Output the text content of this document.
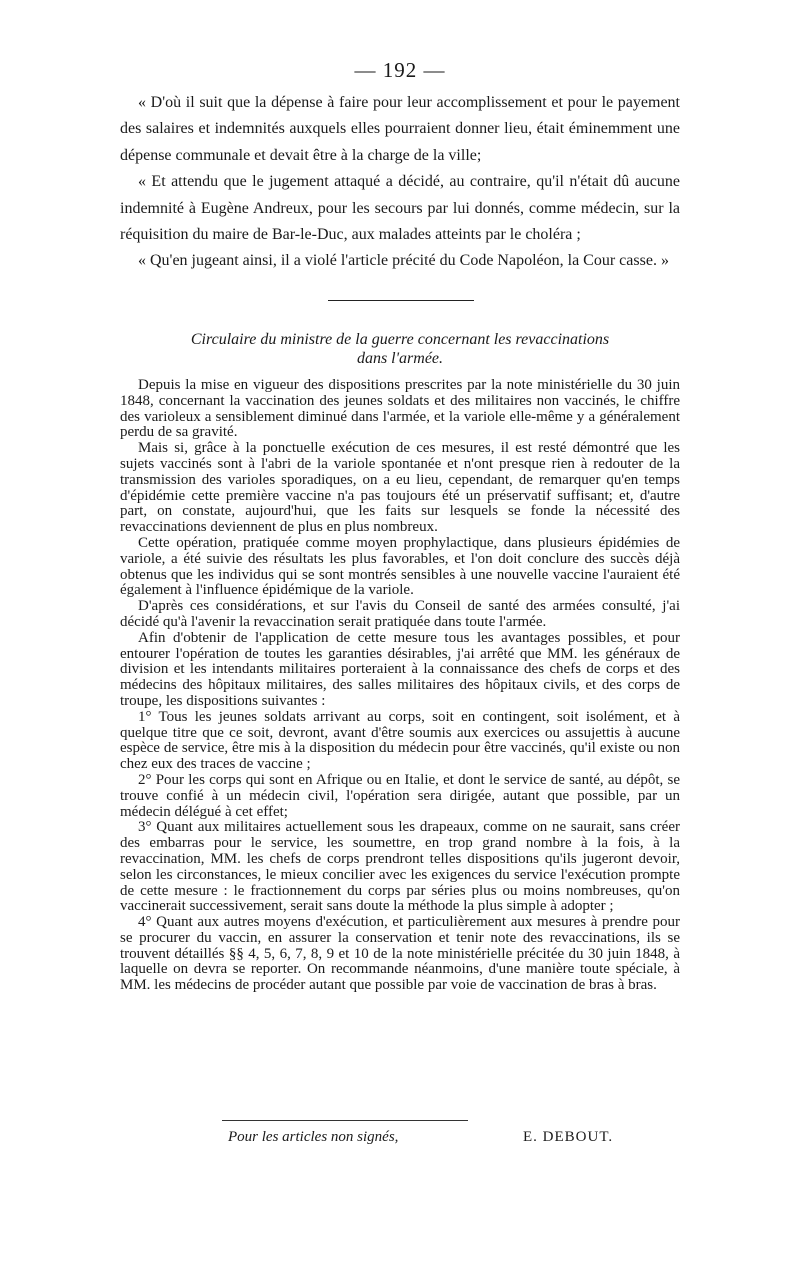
— 192 —

« D'où il suit que la dépense à faire pour leur accomplissement et pour le payement des salaires et indemnités auxquels elles pourraient donner lieu, était éminemment une dépense communale et devait être à la charge de la ville;

« Et attendu que le jugement attaqué a décidé, au contraire, qu'il n'était dû aucune indemnité à Eugène Andreux, pour les secours par lui donnés, comme médecin, sur la réquisition du maire de Bar-le-Duc, aux malades atteints par le choléra ;

« Qu'en jugeant ainsi, il a violé l'article précité du Code Napoléon, la Cour casse. »

Circulaire du ministre de la guerre concernant les revaccinations
dans l'armée.

Depuis la mise en vigueur des dispositions prescrites par la note ministérielle du 30 juin 1848, concernant la vaccination des jeunes soldats et des militaires non vaccinés, le chiffre des varioleux a sensiblement diminué dans l'armée, et la variole elle-même y a généralement perdu de sa gravité.

Mais si, grâce à la ponctuelle exécution de ces mesures, il est resté démontré que les sujets vaccinés sont à l'abri de la variole spontanée et n'ont presque rien à redouter de la transmission des varioles sporadiques, on a eu lieu, cependant, de remarquer qu'en temps d'épidémie cette première vaccine n'a pas toujours été un préservatif suffisant; et, d'autre part, on constate, aujourd'hui, que les faits sur lesquels se fonde la nécessité des revaccinations deviennent de plus en plus nombreux.

Cette opération, pratiquée comme moyen prophylactique, dans plusieurs épidémies de variole, a été suivie des résultats les plus favorables, et l'on doit conclure des succès déjà obtenus que les individus qui se sont montrés sensibles à une nouvelle vaccine l'auraient été également à l'influence épidémique de la variole.

D'après ces considérations, et sur l'avis du Conseil de santé des armées consulté, j'ai décidé qu'à l'avenir la revaccination serait pratiquée dans toute l'armée.

Afin d'obtenir de l'application de cette mesure tous les avantages possibles, et pour entourer l'opération de toutes les garanties désirables, j'ai arrêté que MM. les généraux de division et les intendants militaires porteraient à la connaissance des chefs de corps et des médecins des hôpitaux militaires, des salles militaires des hôpitaux civils, et des corps de troupe, les dispositions suivantes :

1° Tous les jeunes soldats arrivant au corps, soit en contingent, soit isolément, et à quelque titre que ce soit, devront, avant d'être soumis aux exercices ou assujettis à aucune espèce de service, être mis à la disposition du médecin pour être vaccinés, qu'il existe ou non chez eux des traces de vaccine ;

2° Pour les corps qui sont en Afrique ou en Italie, et dont le service de santé, au dépôt, se trouve confié à un médecin civil, l'opération sera dirigée, autant que possible, par un médecin délégué à cet effet;

3° Quant aux militaires actuellement sous les drapeaux, comme on ne saurait, sans créer des embarras pour le service, les soumettre, en trop grand nombre à la fois, à la revaccination, MM. les chefs de corps prendront telles dispositions qu'ils jugeront devoir, selon les circonstances, le mieux concilier avec les exigences du service l'exécution prompte de cette mesure : le fractionnement du corps par séries plus ou moins nombreuses, qu'on vaccinerait successivement, serait sans doute la méthode la plus simple à adopter ;

4° Quant aux autres moyens d'exécution, et particulièrement aux mesures à prendre pour se procurer du vaccin, en assurer la conservation et tenir note des revaccinations, ils se trouvent détaillés §§ 4, 5, 6, 7, 8, 9 et 10 de la note ministérielle précitée du 30 juin 1848, à laquelle on devra se reporter. On recommande néanmoins, d'une manière toute spéciale, à MM. les médecins de procéder autant que possible par voie de vaccination de bras à bras.

Pour les articles non signés,	E. DEBOUT.
